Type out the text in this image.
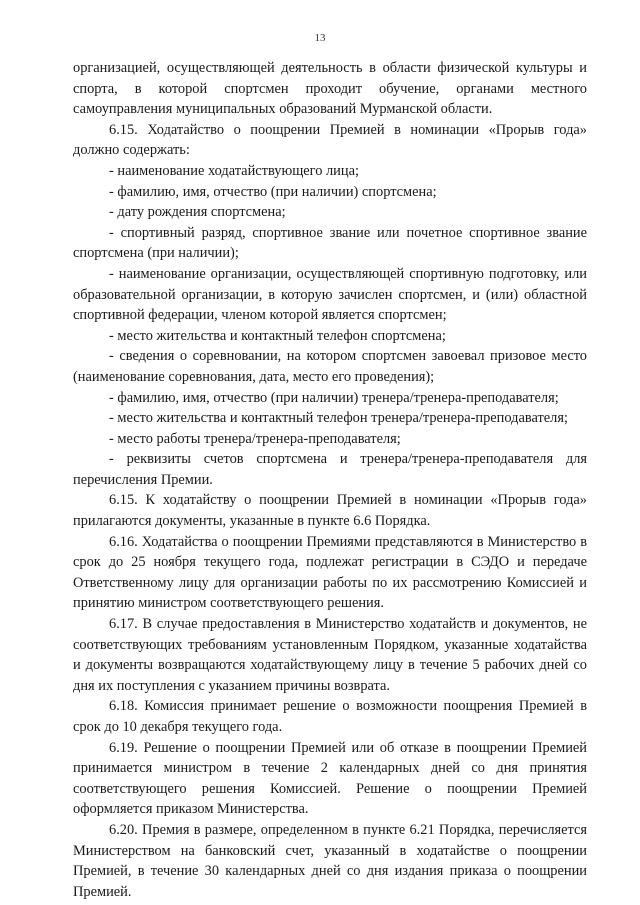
13

организацией, осуществляющей деятельность в области физической культуры и спорта, в которой спортсмен проходит обучение, органами местного самоуправления муниципальных образований Мурманской области.

6.15. Ходатайство о поощрении Премией в номинации «Прорыв года» должно содержать:

- наименование ходатайствующего лица;

- фамилию, имя, отчество (при наличии) спортсмена;

- дату рождения спортсмена;

- спортивный разряд, спортивное звание или почетное спортивное звание спортсмена (при наличии);

- наименование организации, осуществляющей спортивную подготовку, или образовательной организации, в которую зачислен спортсмен, и (или) областной спортивной федерации, членом которой является спортсмен;

- место жительства и контактный телефон спортсмена;

- сведения о соревновании, на котором спортсмен завоевал призовое место (наименование соревнования, дата, место его проведения);

- фамилию, имя, отчество (при наличии) тренера/тренера-преподавателя;

- место жительства и контактный телефон тренера/тренера-преподавателя;

- место работы тренера/тренера-преподавателя;

- реквизиты счетов спортсмена и тренера/тренера-преподавателя для перечисления Премии.

6.15. К ходатайству о поощрении Премией в номинации «Прорыв года» прилагаются документы, указанные в пункте 6.6 Порядка.

6.16. Ходатайства о поощрении Премиями представляются в Министерство в срок до 25 ноября текущего года, подлежат регистрации в СЭДО и передаче Ответственному лицу для организации работы по их рассмотрению Комиссией и принятию министром соответствующего решения.

6.17. В случае предоставления в Министерство ходатайств и документов, не соответствующих требованиям установленным Порядком, указанные ходатайства и документы возвращаются ходатайствующему лицу в течение 5 рабочих дней со дня их поступления с указанием причины возврата.

6.18. Комиссия принимает решение о возможности поощрения Премией в срок до 10 декабря текущего года.

6.19. Решение о поощрении Премией или об отказе в поощрении Премией принимается министром в течение 2 календарных дней со дня принятия соответствующего решения Комиссией. Решение о поощрении Премией оформляется приказом Министерства.

6.20. Премия в размере, определенном в пункте 6.21 Порядка, перечисляется Министерством на банковский счет, указанный в ходатайстве о поощрении Премией, в течение 30 календарных дней со дня издания приказа о поощрении Премией.
